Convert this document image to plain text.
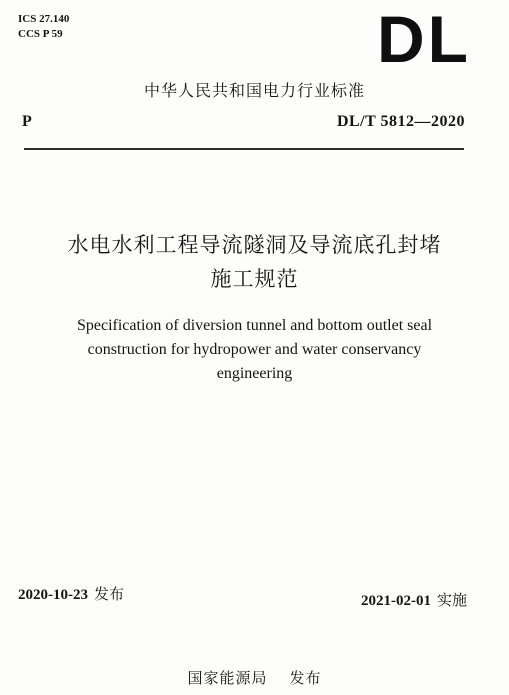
ICS 27.140
CCS P 59	DL
中华人民共和国电力行业标准
P	DL/T 5812—2020
水电水利工程导流隧洞及导流底孔封堵
施工规范
Specification of diversion tunnel and bottom outlet seal
construction for hydropower and water conservancy
engineering
2020-10-23 发布	2021-02-01 实施
国家能源局 发布
